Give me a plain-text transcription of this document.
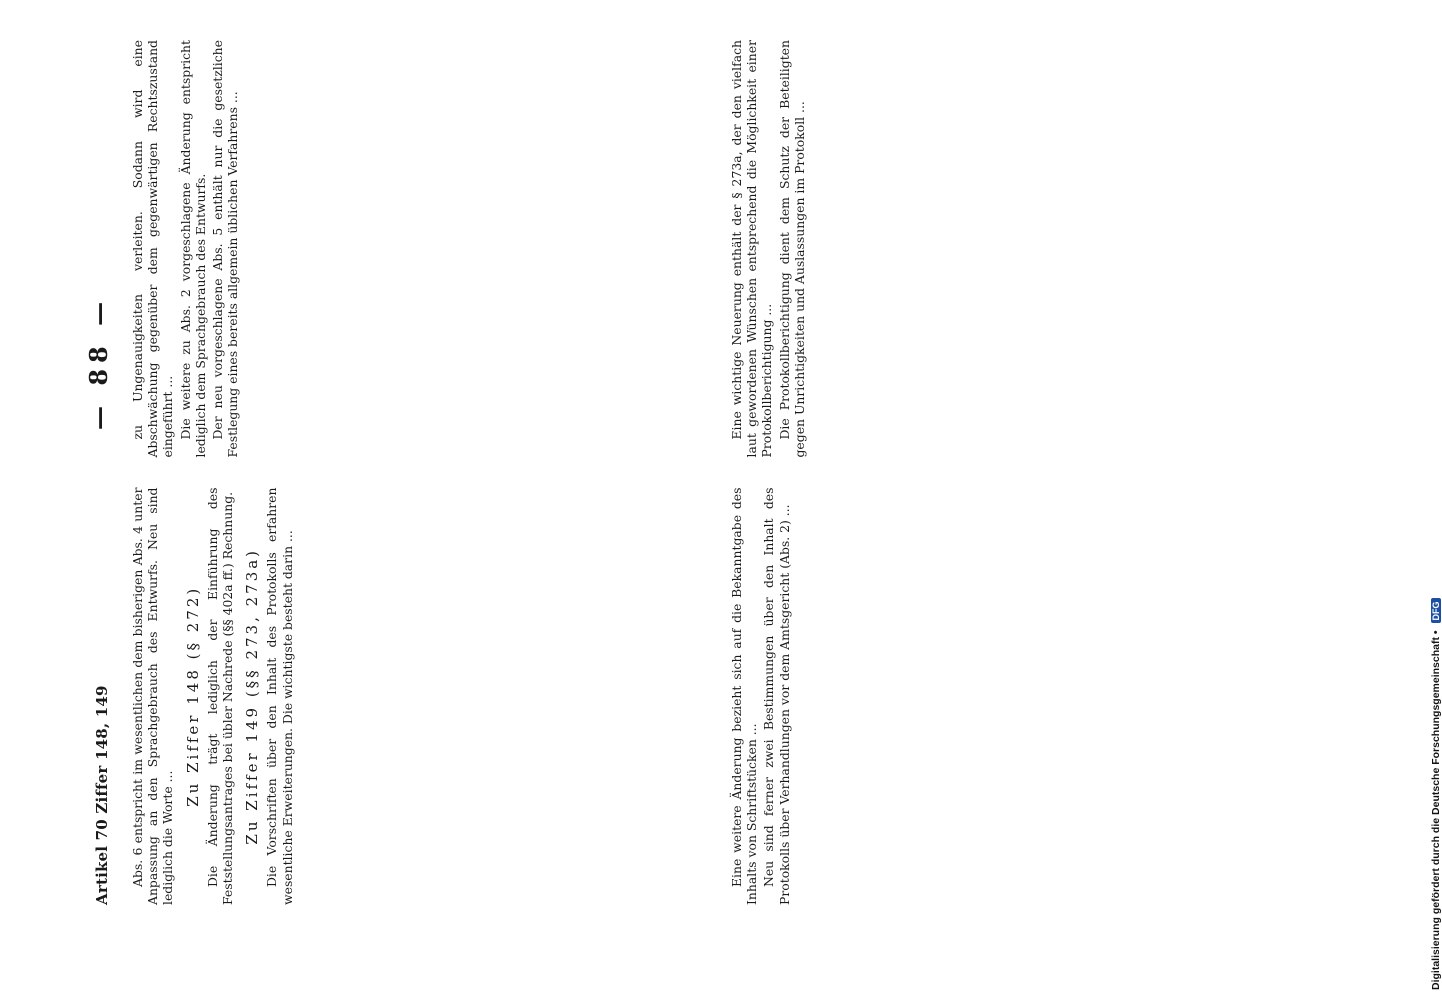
Artikel 70 Ziffer 148, 149
— 88 —

Abs. 6 entspricht im wesentlichen dem bisherigen Abs. 4 unter Anpassung an den Sprachgebrauch des Entwurfs. Neu sind lediglich die Worte ...

Zu Ziffer 148 (§ 272) Die Änderung trägt lediglich der Einführung des Feststellungsantrages bei übler Nachrede (§§ 402a ff.) Rechnung. Zu Ziffer 149 (§§ 273, 273a) Die Vorschriften über den Inhalt des Protokolls erfahren wesentliche Erweiterungen. Die wichtigste besteht darin ...

zu Ungenauigkeiten verleiten. Sodann wird eine Abschwächung gegenüber dem gegenwärtigen Rechtszustand eingeführt ... Die weitere zu Abs. 2 vorgeschlagene Änderung entspricht lediglich dem Sprachgebrauch des Entwurfs. Der neu vorgeschlagene Abs. 5 enthält nur die gesetzliche Festlegung eines bereits allgemein üblichen Verfahrens ...

Eine weitere Änderung bezieht sich auf die Bekanntgabe des Inhalts von Schriftstücken ... Neu sind ferner zwei Bestimmungen über den Inhalt des Protokolls über Verhandlungen vor dem Amtsgericht (Abs. 2) ...

Eine wichtige Neuerung enthält der § 273a, der den vielfach laut gewordenen Wünschen entsprechend die Möglichkeit einer Protokollberichtigung ... Die Protokollberichtigung dient dem Schutz der Beteiligten gegen Unrichtigkeiten und Auslassungen im Protokoll ...

Digitalisierung gefördert durch die Deutsche Forschungsgemeinschaft • DFG
